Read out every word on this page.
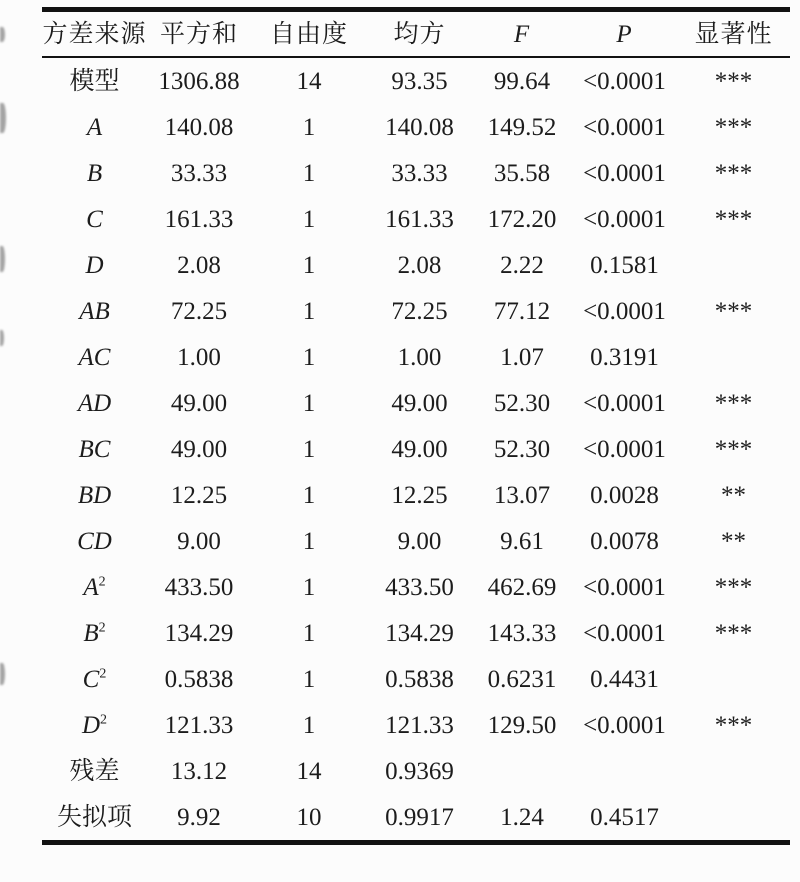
方差来源	平方和	自由度	均方	F	P	显著性
模型	1306.88	14	93.35	99.64	<0.0001	***
A	140.08	1	140.08	149.52	<0.0001	***
B	33.33	1	33.33	35.58	<0.0001	***
C	161.33	1	161.33	172.20	<0.0001	***
D	2.08	1	2.08	2.22	0.1581	
AB	72.25	1	72.25	77.12	<0.0001	***
AC	1.00	1	1.00	1.07	0.3191	
AD	49.00	1	49.00	52.30	<0.0001	***
BC	49.00	1	49.00	52.30	<0.0001	***
BD	12.25	1	12.25	13.07	0.0028	**
CD	9.00	1	9.00	9.61	0.0078	**
$A^2$	433.50	1	433.50	462.69	<0.0001	***
$B^2$	134.29	1	134.29	143.33	<0.0001	***
$C^2$	0.5838	1	0.5838	0.6231	0.4431	
$D^2$	121.33	1	121.33	129.50	<0.0001	***
残差	13.12	14	0.9369			
失拟项	9.92	10	0.9917	1.24	0.4517	
